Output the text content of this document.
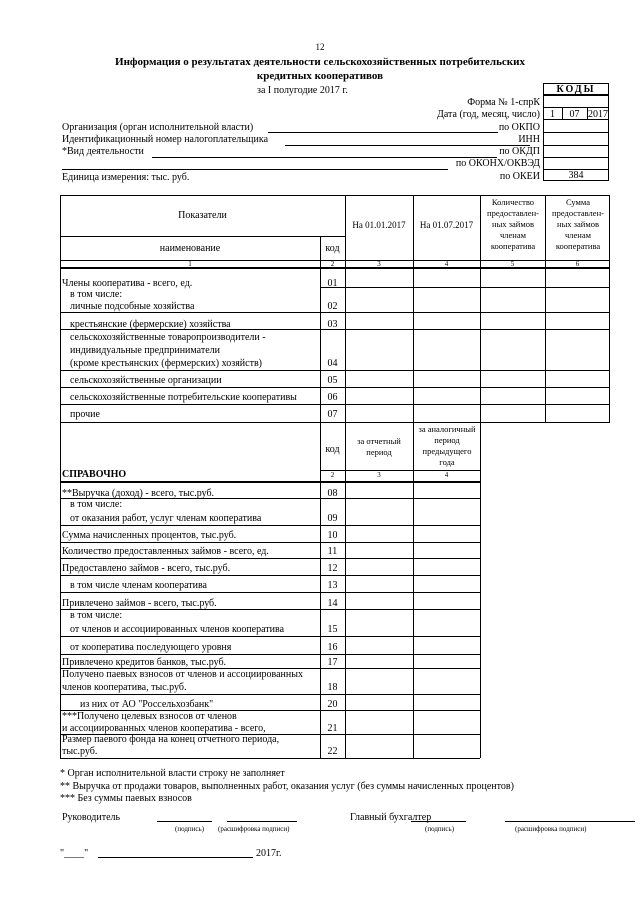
12
Информация о результатах деятельности сельскохозяйственных потребительских кредитных кооперативов
за I полугодие 2017 г.	КОДЫ
Форма № 1-спрК
Дата (год, месяц, число)	1	07 2017
Организация (орган исполнительной власти)	по ОКПО
Идентификационный номер налогоплательщика	ИНН
*Вид деятельности	по ОКДП
по ОКОНХ/ОКВЭД
Единица измерения: тыс. руб.	по ОКЕИ	384
Показатели
наименование	код
На 01.01.2017	На 01.07.2017
Количество предоставлен-ных займов членам кооператива
Сумма предоставлен-ных займов членам кооператива
1	2	3	4	5	6
Члены кооператива - всего, ед.	01
в том числе:
личные подсобные хозяйства	02
крестьянские (фермерские) хозяйства	03
сельскохозяйственные товаропроизводители -
индивидуальные предприниматели
(кроме крестьянских (фермерских) хозяйств)	04
сельскохозяйственные организации	05
сельскохозяйственные потребительские кооперативы	06
прочие	07
код
за отчетный период
за аналогичный период предыдущего года
СПРАВОЧНО	2	3	4
**Выручка (доход) - всего, тыс.руб.	08
в том числе:
от оказания работ, услуг членам кооператива	09
Сумма начисленных процентов, тыс.руб.	10
Количество предоставленных займов - всего, ед.	11
Предоставлено займов - всего, тыс.руб.	12
в том числе членам кооператива	13
Привлечено займов - всего, тыс.руб.	14
в том числе:
от членов и ассоциированных членов кооператива	15
от кооператива последующего уровня	16
Привлечено кредитов банков, тыс.руб.	17
Получено паевых взносов от членов и ассоциированных
членов кооператива, тыс.руб.	18
из них от АО "Россельхозбанк"	20
***Получено целевых взносов от членов
и ассоциированных членов кооператива - всего,	21
Размер паевого фонда на конец отчетного периода,
тыс.руб.	22
* Орган исполнительной власти строку не заполняет
** Выручка от продажи товаров, выполненных работ, оказания услуг (без суммы начисленных процентов)
*** Без суммы паевых взносов
Руководитель
(подпись) (расшифровка подписи)
Главный бухгалтер
(подпись)	(расшифровка подписи)
"____"	2017г.
